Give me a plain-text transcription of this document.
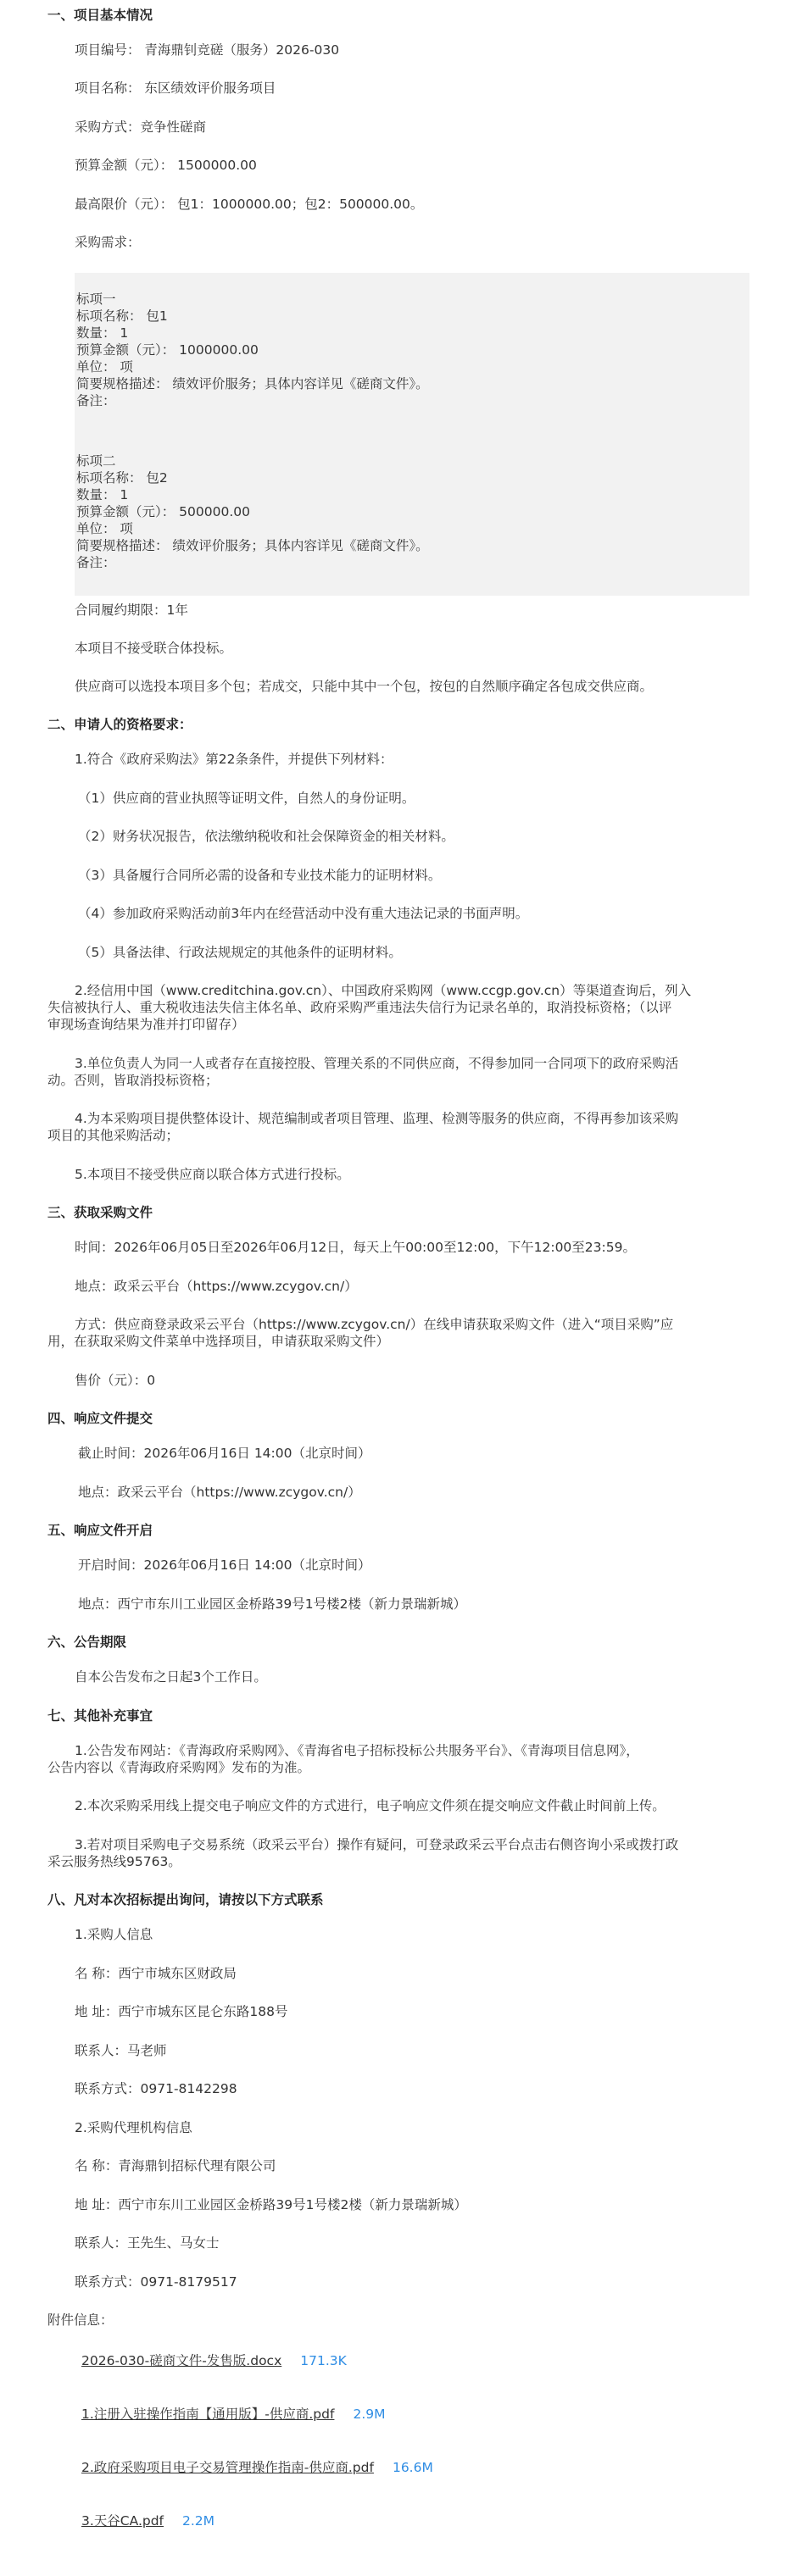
一、项目基本情况
项目编号： 青海鼎钊竞磋（服务）2026-030
项目名称： 东区绩效评价服务项目
采购方式：竞争性磋商
预算金额（元）： 1500000.00
最高限价（元）： 包1：1000000.00；包2：500000.00。
采购需求：
标项一
标项名称： 包1
数量： 1
预算金额（元）： 1000000.00
单位： 项
简要规格描述： 绩效评价服务；具体内容详见《磋商文件》。
备注：
标项二
标项名称： 包2
数量： 1
预算金额（元）： 500000.00
单位： 项
简要规格描述： 绩效评价服务；具体内容详见《磋商文件》。
备注：
合同履约期限：1年
本项目不接受联合体投标。
供应商可以选投本项目多个包；若成交，只能中其中一个包，按包的自然顺序确定各包成交供应商。
二、申请人的资格要求：
1.符合《政府采购法》第22条条件，并提供下列材料：
（1）供应商的营业执照等证明文件，自然人的身份证明。
（2）财务状况报告，依法缴纳税收和社会保障资金的相关材料。
（3）具备履行合同所必需的设备和专业技术能力的证明材料。
（4）参加政府采购活动前3年内在经营活动中没有重大违法记录的书面声明。
（5）具备法律、行政法规规定的其他条件的证明材料。
2.经信用中国（www.creditchina.gov.cn）、中国政府采购网（www.ccgp.gov.cn）等渠道查询后，列入
失信被执行人、重大税收违法失信主体名单、政府采购严重违法失信行为记录名单的，取消投标资格；（以评
审现场查询结果为准并打印留存）
3.单位负责人为同一人或者存在直接控股、管理关系的不同供应商，不得参加同一合同项下的政府采购活
动。否则，皆取消投标资格；
4.为本采购项目提供整体设计、规范编制或者项目管理、监理、检测等服务的供应商，不得再参加该采购
项目的其他采购活动；
5.本项目不接受供应商以联合体方式进行投标。
三、获取采购文件
时间：2026年06月05日至2026年06月12日，每天上午00:00至12:00，下午12:00至23:59。
地点：政采云平台（https://www.zcygov.cn/）
方式：供应商登录政采云平台（https://www.zcygov.cn/）在线申请获取采购文件（进入“项目采购”应
用，在获取采购文件菜单中选择项目，申请获取采购文件）
售价（元）：0
四、响应文件提交
截止时间：2026年06月16日 14:00（北京时间）
地点：政采云平台（https://www.zcygov.cn/）
五、响应文件开启
开启时间：2026年06月16日 14:00（北京时间）
地点：西宁市东川工业园区金桥路39号1号楼2楼（新力景瑞新城）
六、公告期限
自本公告发布之日起3个工作日。
七、其他补充事宜
1.公告发布网站：《青海政府采购网》、《青海省电子招标投标公共服务平台》、《青海项目信息网》，
公告内容以《青海政府采购网》发布的为准。
2.本次采购采用线上提交电子响应文件的方式进行，电子响应文件须在提交响应文件截止时间前上传。
3.若对项目采购电子交易系统（政采云平台）操作有疑问，可登录政采云平台点击右侧咨询小采或拨打政
采云服务热线95763。
八、凡对本次招标提出询问，请按以下方式联系
1.采购人信息
名 称：西宁市城东区财政局
地 址：西宁市城东区昆仑东路188号
联系人：马老师
联系方式：0971-8142298
2.采购代理机构信息
名 称：青海鼎钊招标代理有限公司
地 址：西宁市东川工业园区金桥路39号1号楼2楼（新力景瑞新城）
联系人：王先生、马女士
联系方式：0971-8179517
附件信息：
2026-030-磋商文件-发售版.docx 171.3K
1.注册入驻操作指南【通用版】-供应商.pdf 2.9M
2.政府采购项目电子交易管理操作指南-供应商.pdf 16.6M
3.天谷CA.pdf 2.2M
